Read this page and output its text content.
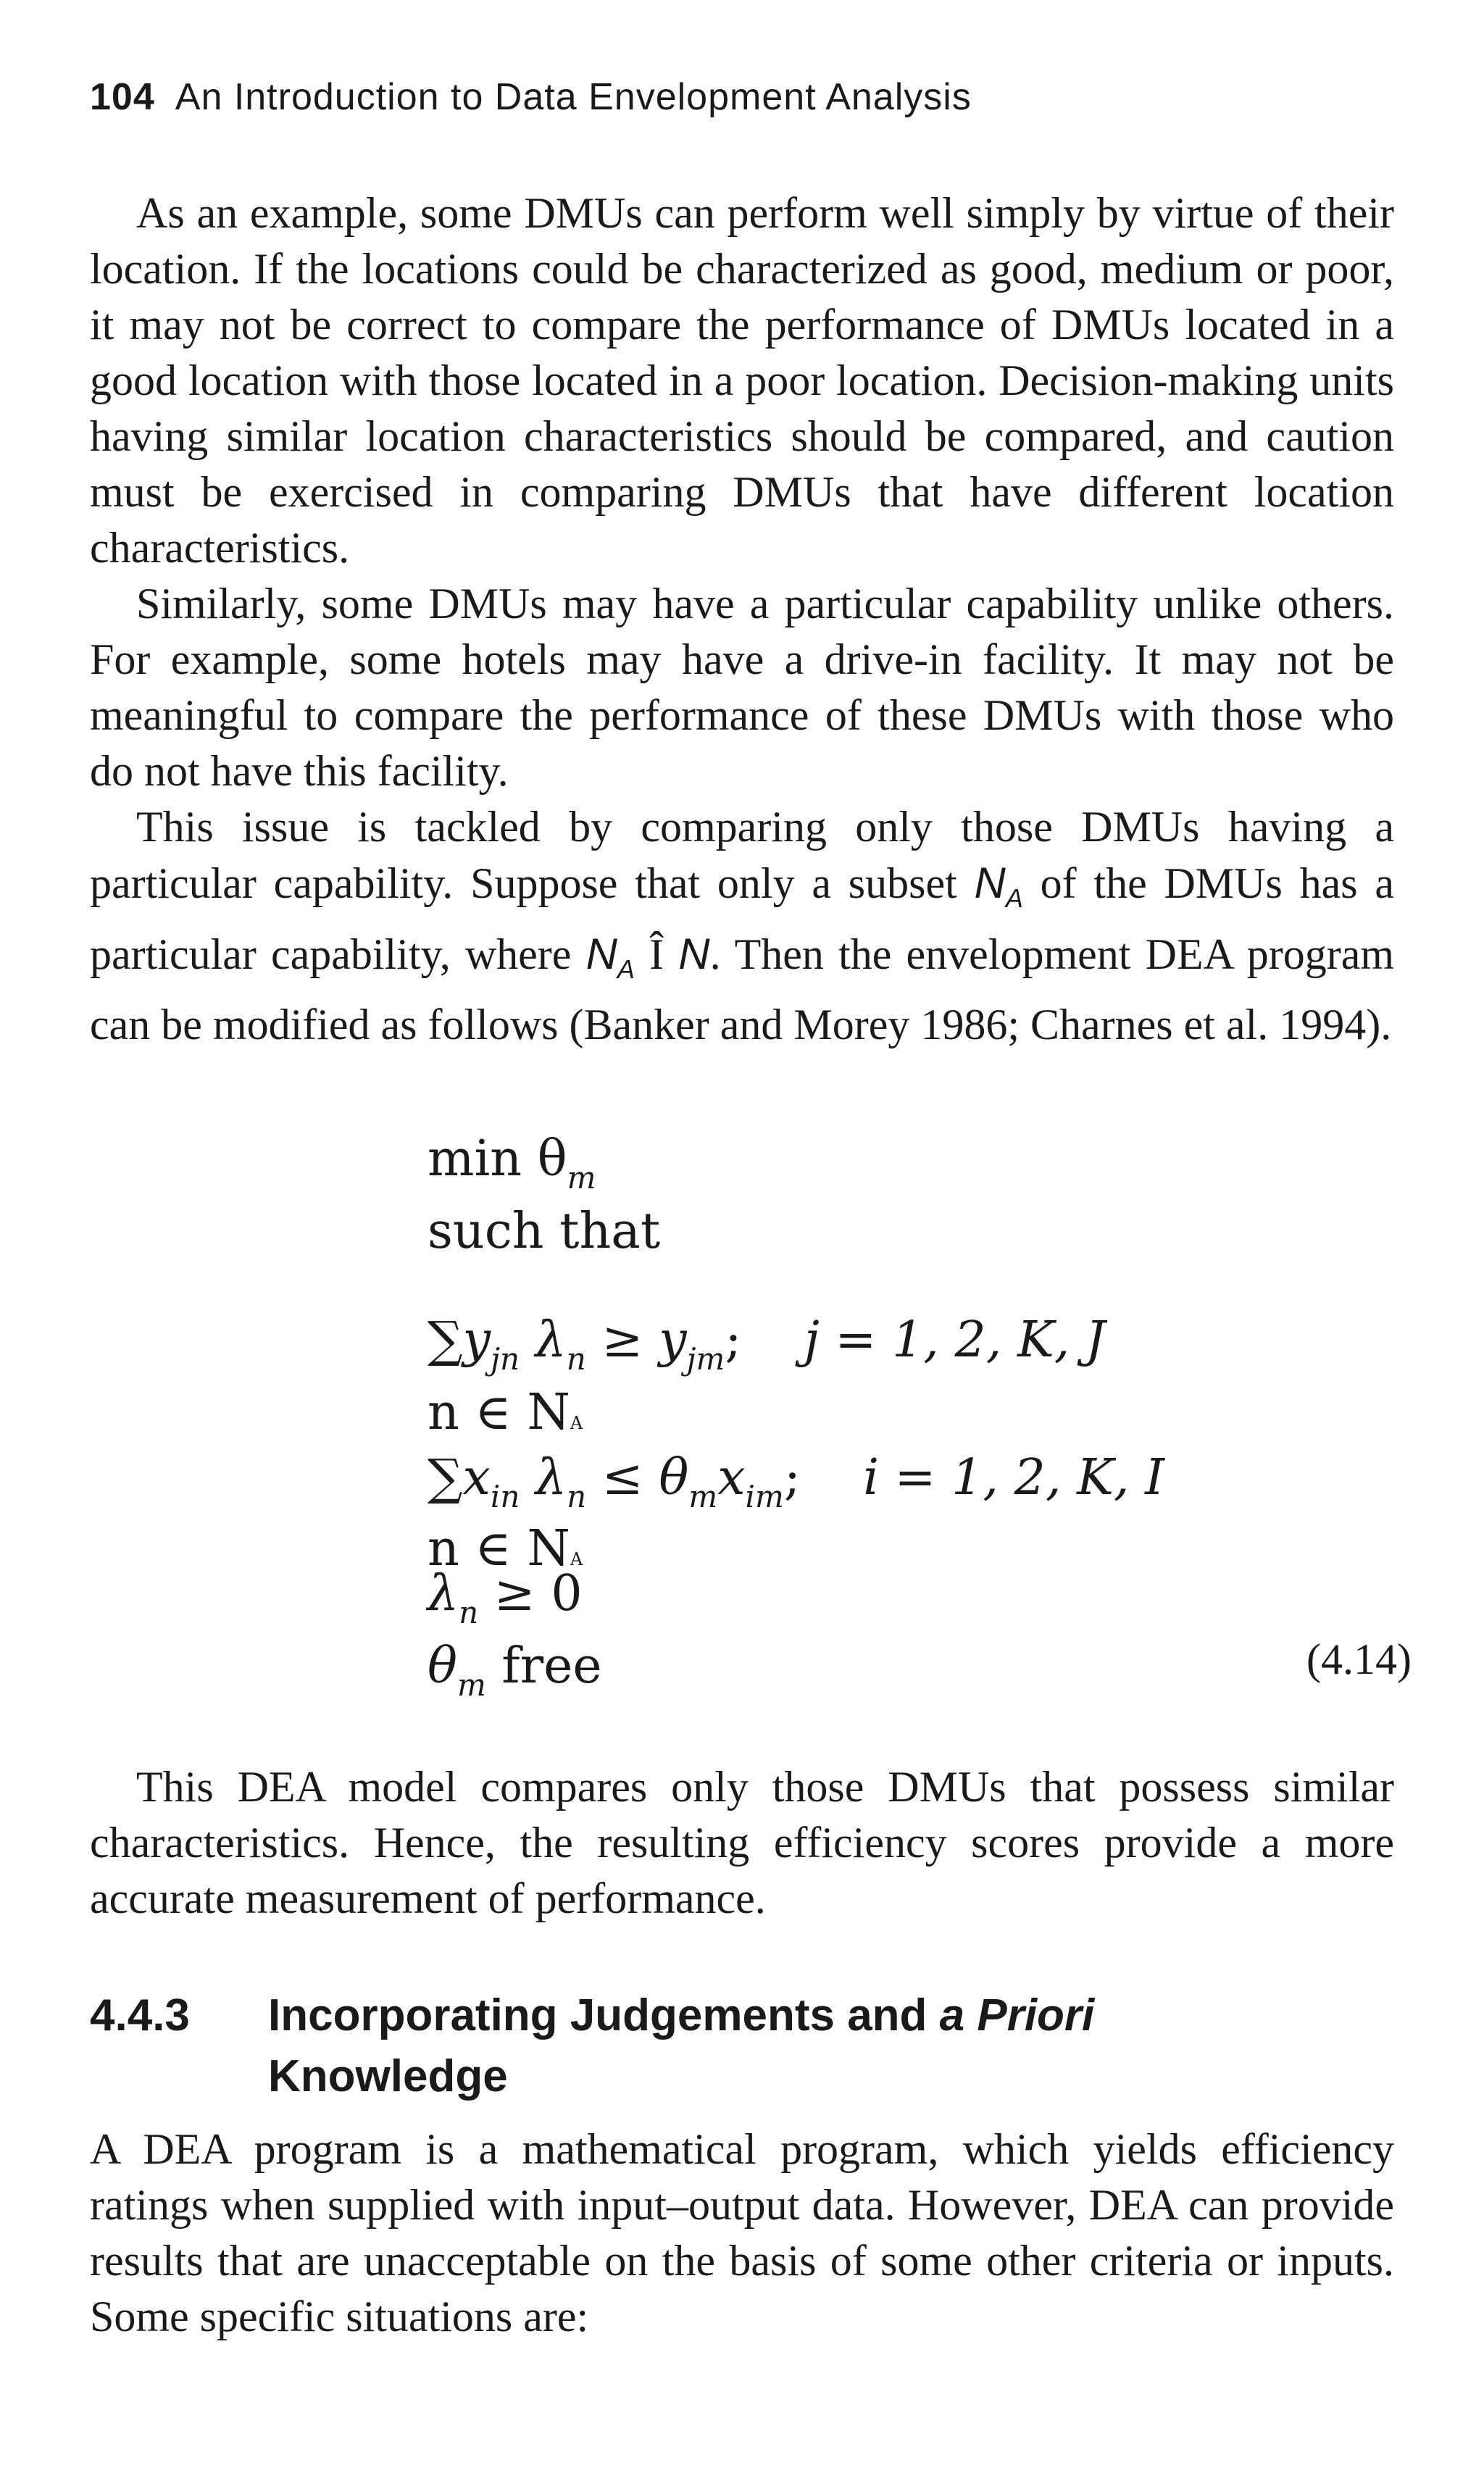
104 An Introduction to Data Envelopment Analysis

As an example, some DMUs can perform well simply by virtue of their location. If the locations could be characterized as good, medium or poor, it may not be correct to compare the performance of DMUs located in a good location with those located in a poor location. Decision-making units having similar location characteristics should be compared, and caution must be exercised in comparing DMUs that have different location characteristics.

Similarly, some DMUs may have a particular capability unlike others. For example, some hotels may have a drive-in facility. It may not be meaningful to compare the performance of these DMUs with those who do not have this facility.

This issue is tackled by comparing only those DMUs having a particular capability. Suppose that only a subset $N_A$ of the DMUs has a particular capability, where $N_A$ Î N. Then the envelopment DEA program can be modified as follows (Banker and Morey 1986; Charnes et al. 1994).

$\min \theta_m$
such that
$\sum y_{jn}$ $\lambda_n \ge y_{jm}$;    j = 1, 2, K, J
n ∈ NA
$\sum x_{in}$ $\lambda_n \le \theta_mx_{im}$;    i = 1, 2, K, I
n ∈ NA
$\lambda_n \ge 0$
$\theta_m$ free	(4.14)

This DEA model compares only those DMUs that possess similar characteristics. Hence, the resulting efficiency scores provide a more accurate measurement of performance.

4.4.3 Incorporating Judgements and a Priori
Knowledge

A DEA program is a mathematical program, which yields efficiency ratings when supplied with input–output data. However, DEA can provide results that are unacceptable on the basis of some other criteria or inputs. Some specific situations are:
